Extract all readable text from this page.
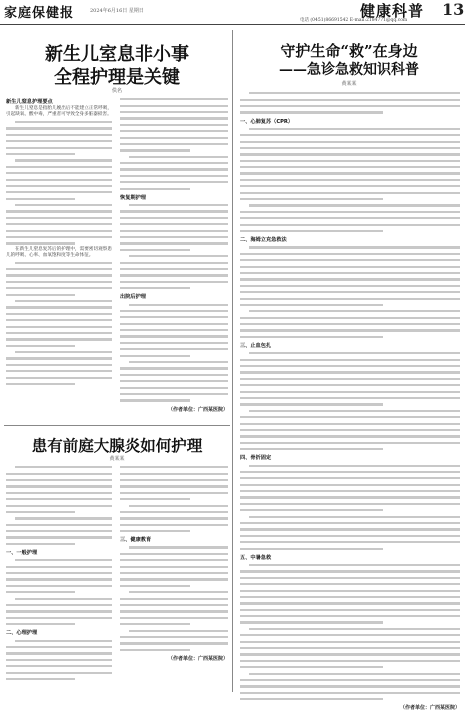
家庭保健报	2024年6月16日 星期日	健康科普 13
电话 (0451)86691542 E-mail:2184771@qq.com
新生儿室息非小事
全程护理是关键
佚名
新生儿窒息护理要点

新生儿窒息是指胎儿娩出后不能建立正常呼吸，引起缺氧、酸中毒，严重者可导致全身多脏器损害。

在新生儿窒息复苏后的护理中，需要密切观察患儿的呼吸、心率、血氧饱和度等生命体征。

恢复期护理
出院后护理
（作者单位：广西某医院）
患有前庭大腺炎如何护理
黄某某
一、一般护理
二、心理护理
三、健康教育
（作者单位：广西某医院）
守护生命“救”在身边
——急诊急救知识科普
黄某某
一、心肺复苏（CPR）
二、海姆立克急救法
三、止血包扎
四、骨折固定
五、中暑急救
（作者单位：广西某医院）
